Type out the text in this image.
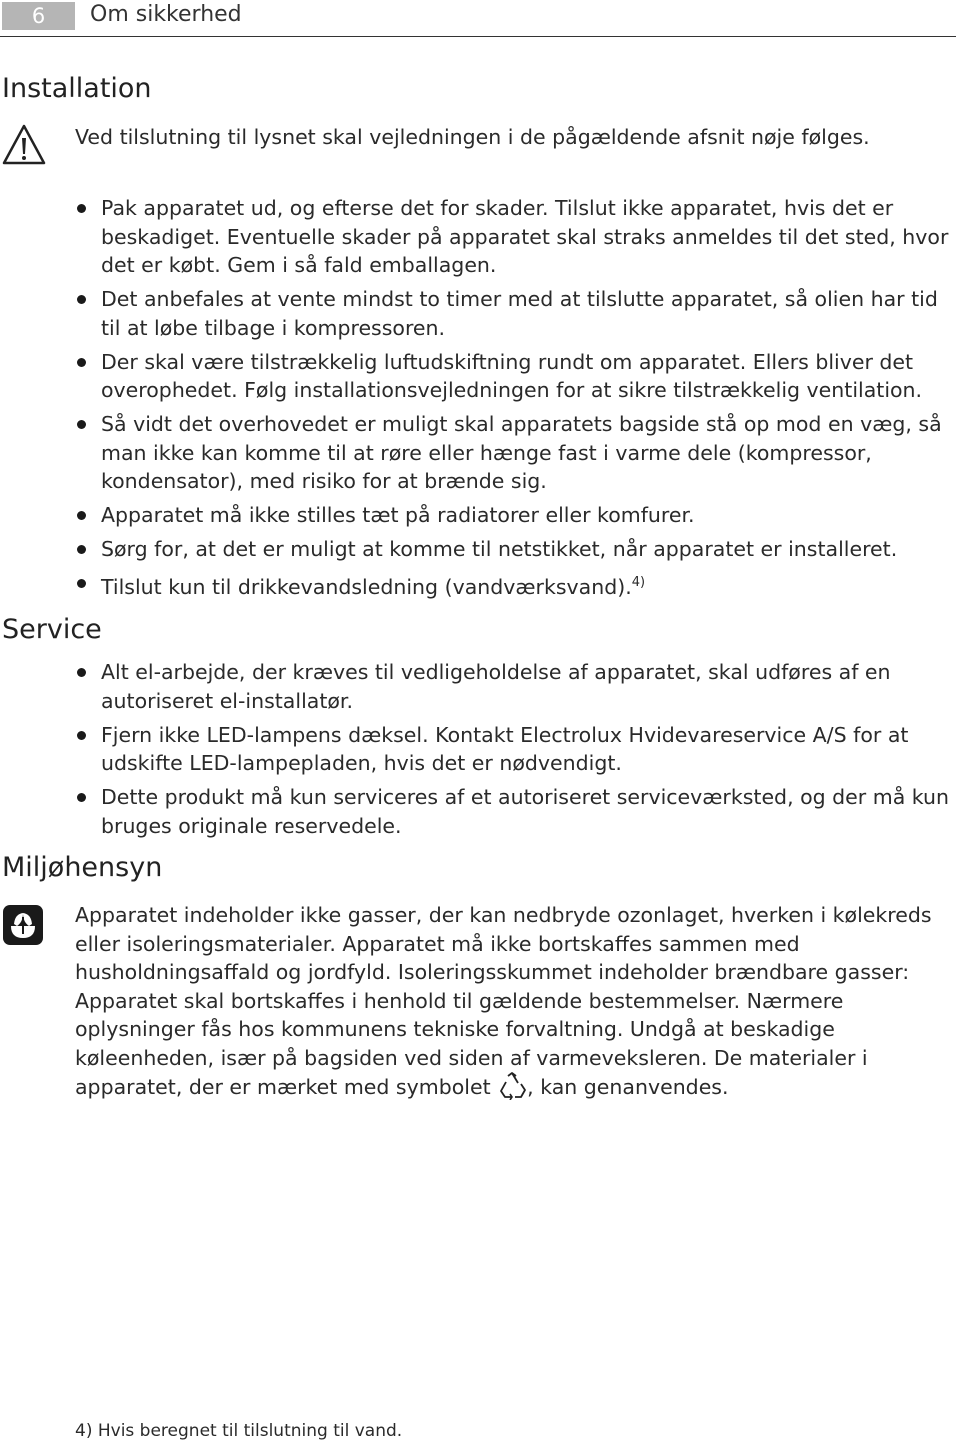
6	Om sikkerhed
Installation

Ved tilslutning til lysnet skal vejledningen i de pågældende afsnit nøje følges.

Pak apparatet ud, og efterse det for skader. Tilslut ikke apparatet, hvis det er beskadiget. Eventuelle skader på apparatet skal straks anmeldes til det sted, hvor det er købt. Gem i så fald emballagen.
Det anbefales at vente mindst to timer med at tilslutte apparatet, så olien har tid til at løbe tilbage i kompressoren.
Der skal være tilstrækkelig luftudskiftning rundt om apparatet. Ellers bliver det overophedet. Følg installationsvejledningen for at sikre tilstrækkelig ventilation.
Så vidt det overhovedet er muligt skal apparatets bagside stå op mod en væg, så man ikke kan komme til at røre eller hænge fast i varme dele (kompressor, kondensator), med risiko for at brænde sig.
Apparatet må ikke stilles tæt på radiatorer eller komfurer.
Sørg for, at det er muligt at komme til netstikket, når apparatet er installeret.
Tilslut kun til drikkevandsledning (vandværksvand).$^{4)}$
Service
Alt el-arbejde, der kræves til vedligeholdelse af apparatet, skal udføres af en autoriseret el-installatør.
Fjern ikke LED-lampens dæksel. Kontakt Electrolux Hvidevareservice A/S for at udskifte LED-lampepladen, hvis det er nødvendigt.
Dette produkt må kun serviceres af et autoriseret serviceværksted, og der må kun bruges originale reservedele.
Miljøhensyn

Apparatet indeholder ikke gasser, der kan nedbryde ozonlaget, hverken i kølekreds eller isoleringsmaterialer. Apparatet må ikke bortskaffes sammen med husholdningsaffald og jordfyld. Isoleringsskummet indeholder brændbare gasser: Apparatet skal bortskaffes i henhold til gældende bestemmelser. Nærmere oplysninger fås hos kommunens tekniske forvaltning. Undgå at beskadige køleenheden, især på bagsiden ved siden af varmeveksleren. De materialer i apparatet, der er mærket med symbolet , kan genanvendes.

4) Hvis beregnet til tilslutning til vand.
